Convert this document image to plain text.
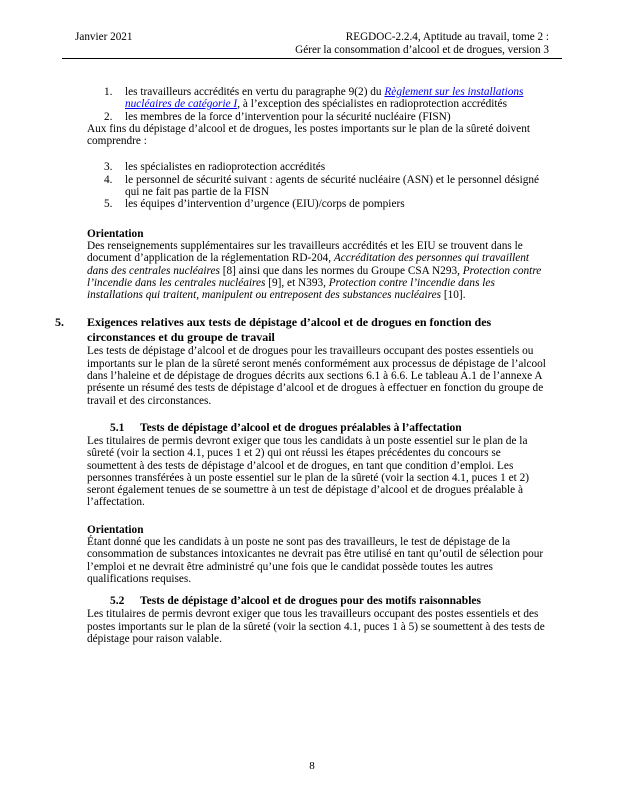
Janvier 2021	REGDOC-2.2.4, Aptitude au travail, tome 2 :
Gérer la consommation d’alcool et de drogues, version 3
1.	les travailleurs accrédités en vertu du paragraphe 9(2) du Règlement sur les installations nucléaires de catégorie I, à l’exception des spécialistes en radioprotection accrédités
2.	les membres de la force d’intervention pour la sécurité nucléaire (FISN)

Aux fins du dépistage d’alcool et de drogues, les postes importants sur le plan de la sûreté doivent comprendre :

3.	les spécialistes en radioprotection accrédités
4.	le personnel de sécurité suivant : agents de sécurité nucléaire (ASN) et le personnel désigné qui ne fait pas partie de la FISN
5.	les équipes d’intervention d’urgence (EIU)/corps de pompiers
Orientation

Des renseignements supplémentaires sur les travailleurs accrédités et les EIU se trouvent dans le document d’application de la réglementation RD-204, Accréditation des personnes qui travaillent dans des centrales nucléaires [8] ainsi que dans les normes du Groupe CSA N293, Protection contre l’incendie dans les centrales nucléaires [9], et N393, Protection contre l’incendie dans les installations qui traitent, manipulent ou entreposent des substances nucléaires [10].

5.	Exigences relatives aux tests de dépistage d’alcool et de drogues en fonction des circonstances et du groupe de travail

Les tests de dépistage d’alcool et de drogues pour les travailleurs occupant des postes essentiels ou importants sur le plan de la sûreté seront menés conformément aux processus de dépistage de l’alcool dans l’haleine et de dépistage de drogues décrits aux sections 6.1 à 6.6. Le tableau A.1 de l’annexe A présente un résumé des tests de dépistage d’alcool et de drogues à effectuer en fonction du groupe de travail et des circonstances.

5.1	Tests de dépistage d’alcool et de drogues préalables à l’affectation

Les titulaires de permis devront exiger que tous les candidats à un poste essentiel sur le plan de la sûreté (voir la section 4.1, puces 1 et 2) qui ont réussi les étapes précédentes du concours se soumettent à des tests de dépistage d’alcool et de drogues, en tant que condition d’emploi. Les personnes transférées à un poste essentiel sur le plan de la sûreté (voir la section 4.1, puces 1 et 2) seront également tenues de se soumettre à un test de dépistage d’alcool et de drogues préalable à l’affectation.

Orientation

Étant donné que les candidats à un poste ne sont pas des travailleurs, le test de dépistage de la consommation de substances intoxicantes ne devrait pas être utilisé en tant qu’outil de sélection pour l’emploi et ne devrait être administré qu’une fois que le candidat possède toutes les autres qualifications requises.

5.2	Tests de dépistage d’alcool et de drogues pour des motifs raisonnables

Les titulaires de permis devront exiger que tous les travailleurs occupant des postes essentiels et des postes importants sur le plan de la sûreté (voir la section 4.1, puces 1 à 5) se soumettent à des tests de dépistage pour raison valable.

8
